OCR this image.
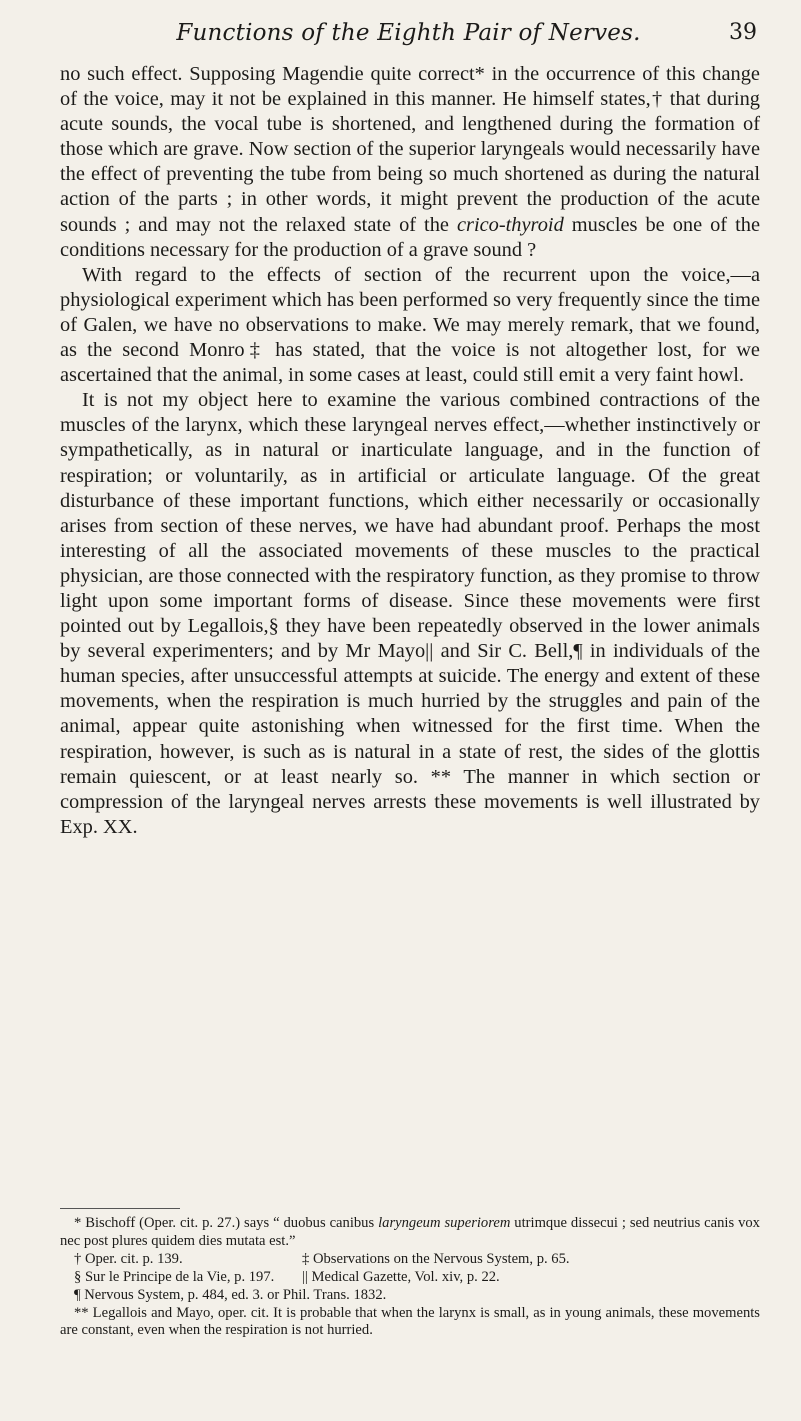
Functions of the Eighth Pair of Nerves.	39

no such effect. Supposing Magendie quite correct* in the occurrence of this change of the voice, may it not be explained in this manner. He himself states,† that during acute sounds, the vocal tube is shortened, and lengthened during the formation of those which are grave. Now section of the superior laryngeals would necessarily have the effect of preventing the tube from being so much shortened as during the natural action of the parts ; in other words, it might prevent the production of the acute sounds ; and may not the relaxed state of the crico-thyroid muscles be one of the conditions necessary for the production of a grave sound ?

With regard to the effects of section of the recurrent upon the voice,—a physiological experiment which has been performed so very frequently since the time of Galen, we have no observations to make. We may merely remark, that we found, as the second Monro‡ has stated, that the voice is not altogether lost, for we ascertained that the animal, in some cases at least, could still emit a very faint howl.

It is not my object here to examine the various combined contractions of the muscles of the larynx, which these laryngeal nerves effect,—whether instinctively or sympathetically, as in natural or inarticulate language, and in the function of respiration; or voluntarily, as in artificial or articulate language. Of the great disturbance of these important functions, which either necessarily or occasionally arises from section of these nerves, we have had abundant proof. Perhaps the most interesting of all the associated movements of these muscles to the practical physician, are those connected with the respiratory function, as they promise to throw light upon some important forms of disease. Since these movements were first pointed out by Legallois,§ they have been repeatedly observed in the lower animals by several experimenters; and by Mr Mayo|| and Sir C. Bell,¶ in individuals of the human species, after unsuccessful attempts at suicide. The energy and extent of these movements, when the respiration is much hurried by the struggles and pain of the animal, appear quite astonishing when witnessed for the first time. When the respiration, however, is such as is natural in a state of rest, the sides of the glottis remain quiescent, or at least nearly so. ** The manner in which section or compression of the laryngeal nerves arrests these movements is well illustrated by Exp. XX.

* Bischoff (Oper. cit. p. 27.) says “ duobus canibus laryngeum superiorem utrimque dissecui ; sed neutrius canis vox nec post plures quidem dies mutata est.”

† Oper. cit. p. 139.	‡ Observations on the Nervous System, p. 65.
§ Sur le Principe de la Vie, p. 197.	|| Medical Gazette, Vol. xiv, p. 22.

¶ Nervous System, p. 484, ed. 3. or Phil. Trans. 1832.

** Legallois and Mayo, oper. cit. It is probable that when the larynx is small, as in young animals, these movements are constant, even when the respiration is not hurried.
